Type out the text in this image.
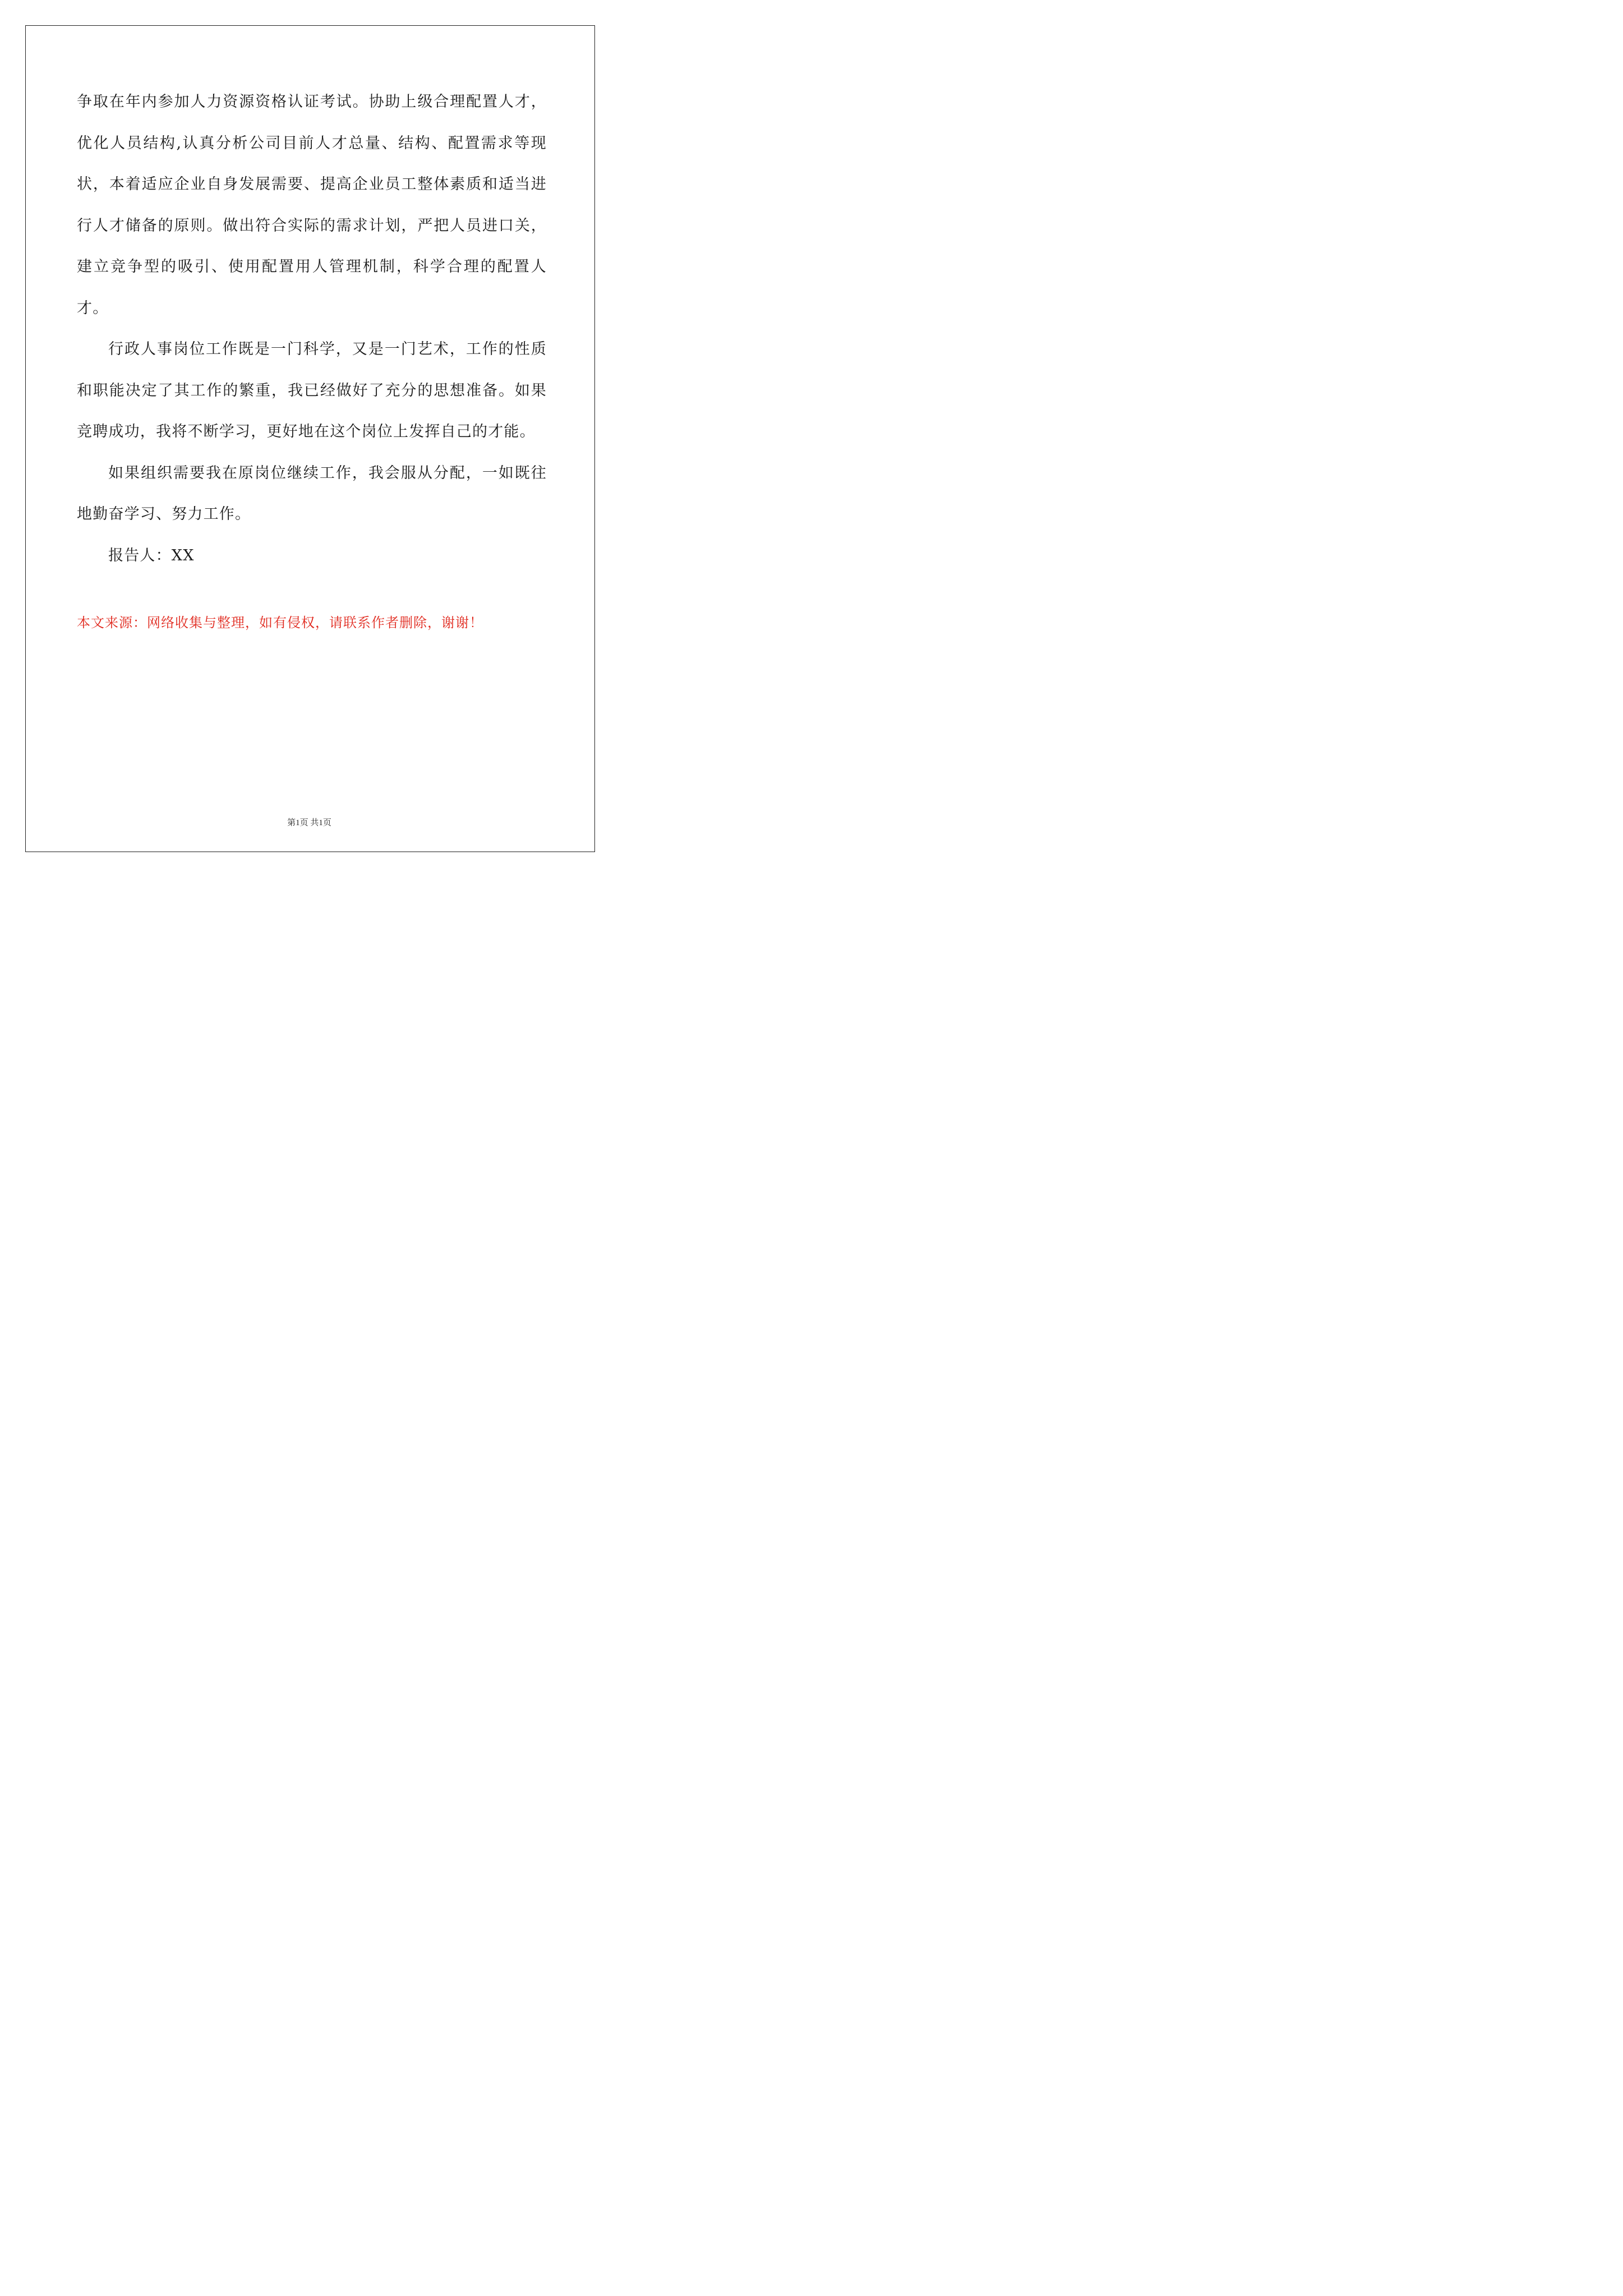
争取在年内参加人力资源资格认证考试。协助上级合理配置人才，优化人员结构,认真分析公司目前人才总量、结构、配置需求等现状，本着适应企业自身发展需要、提高企业员工整体素质和适当进行人才储备的原则。做出符合实际的需求计划，严把人员进口关，建立竞争型的吸引、使用配置用人管理机制，科学合理的配置人才。

行政人事岗位工作既是一门科学，又是一门艺术，工作的性质和职能决定了其工作的繁重，我已经做好了充分的思想准备。如果竞聘成功，我将不断学习，更好地在这个岗位上发挥自己的才能。

如果组织需要我在原岗位继续工作，我会服从分配，一如既往地勤奋学习、努力工作。

报告人：XX

本文来源：网络收集与整理，如有侵权，请联系作者删除，谢谢！

第1页 共1页
